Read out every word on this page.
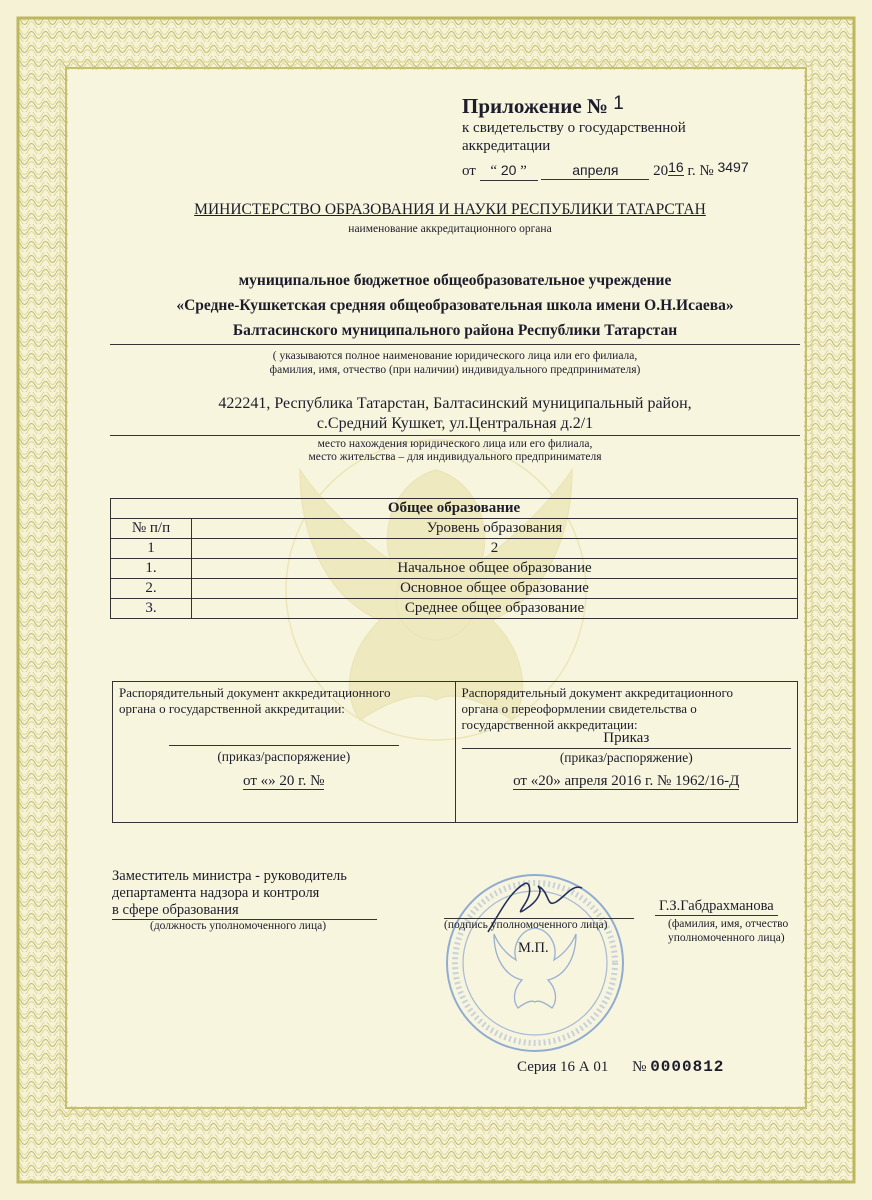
Приложение № 1
к свидетельству о государственной
аккредитации
от “ 20 ”	апреля 2016 г. № 3497
МИНИСТЕРСТВО ОБРАЗОВАНИЯ И НАУКИ РЕСПУБЛИКИ ТАТАРСТАН
наименование аккредитационного органа
муниципальное бюджетное общеобразовательное учреждение
«Средне-Кушкетская средняя общеобразовательная школа имени О.Н.Исаева»
Балтасинского муниципального района Республики Татарстан
( указываются полное наименование юридического лица или его филиала,
фамилия, имя, отчество (при наличии) индивидуального предпринимателя)
422241, Республика Татарстан, Балтасинский муниципальный район,
с.Средний Кушкет, ул.Центральная д.2/1
место нахождения юридического лица или его филиала,
место жительства – для индивидуального предпринимателя
Общее образование	
№ п/п	Уровень образования
1	2
1.	Начальное общее образование
2.	Основное общее образование
3.	Среднее общее образование
Распорядительный документ аккредитационного органа о государственной аккредитации:
(приказ/распоряжение)
от «» 20 г. №

Распорядительный документ аккредитационного органа о переоформлении свидетельства о государственной аккредитации:
Приказ
(приказ/распоряжение)
от «20» апреля 2016 г. № 1962/16-Д
Заместитель министра - руководитель
департамента надзора и контроля
в сфере образования
(должность уполномоченного лица)	(подпись уполномоченного лица)
М.П.
Г.З.Габдрахманова
(фамилия, имя, отчество
уполномоченного лица)
Серия 16 А 01 № 0000812
